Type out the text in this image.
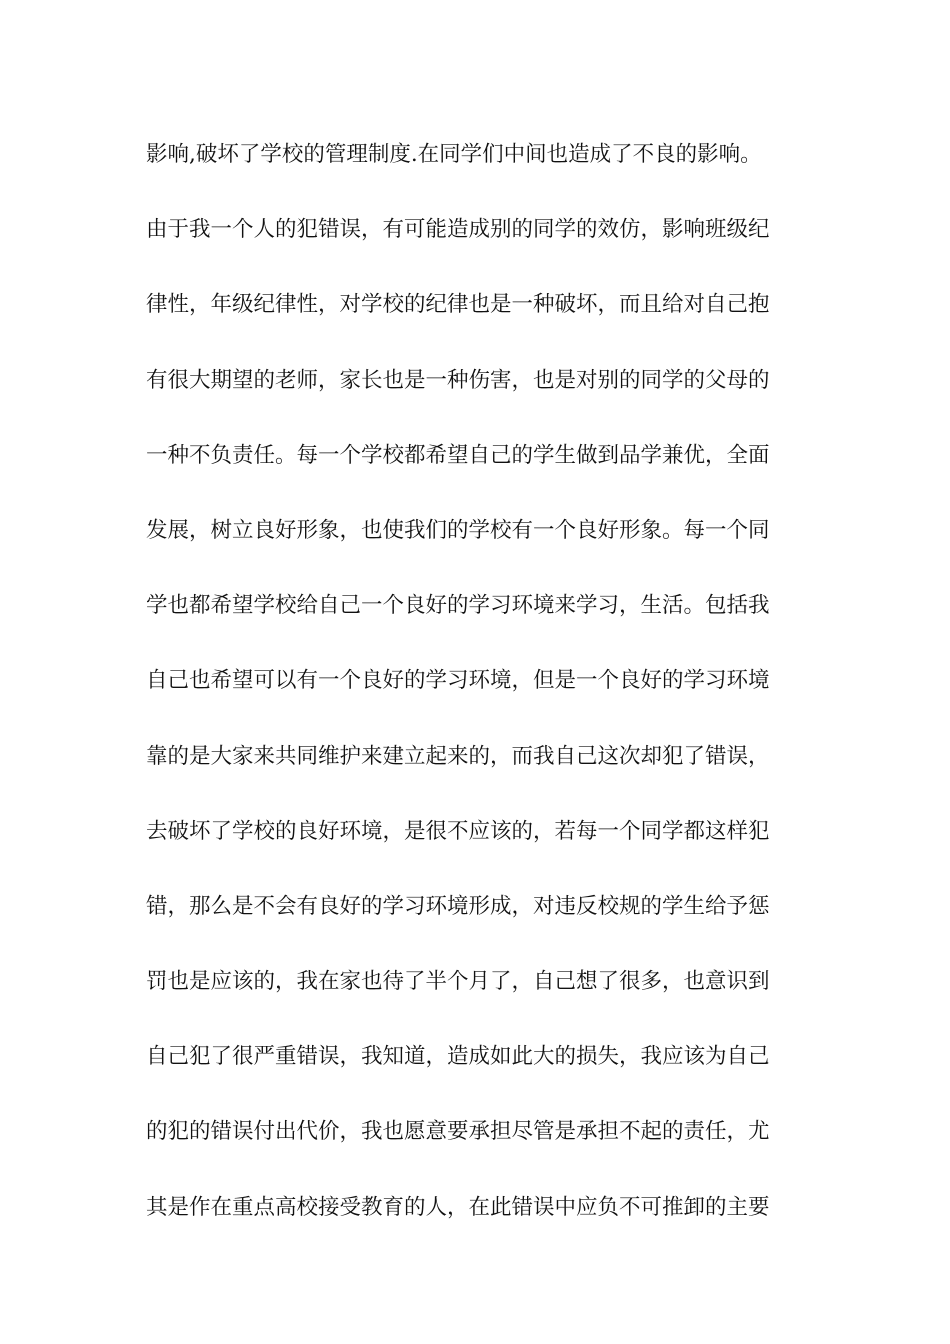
影响,破坏了学校的管理制度.在同学们中间也造成了不良的影响。
由于我一个人的犯错误，有可能造成别的同学的效仿，影响班级纪
律性，年级纪律性，对学校的纪律也是一种破坏，而且给对自己抱
有很大期望的老师，家长也是一种伤害，也是对别的同学的父母的
一种不负责任。每一个学校都希望自己的学生做到品学兼优，全面
发展，树立良好形象，也使我们的学校有一个良好形象。每一个同
学也都希望学校给自己一个良好的学习环境来学习，生活。包括我
自己也希望可以有一个良好的学习环境，但是一个良好的学习环境
靠的是大家来共同维护来建立起来的，而我自己这次却犯了错误，
去破坏了学校的良好环境，是很不应该的，若每一个同学都这样犯
错，那么是不会有良好的学习环境形成，对违反校规的学生给予惩
罚也是应该的，我在家也待了半个月了，自己想了很多，也意识到
自己犯了很严重错误，我知道，造成如此大的损失，我应该为自己
的犯的错误付出代价，我也愿意要承担尽管是承担不起的责任，尤
其是作在重点高校接受教育的人，在此错误中应负不可推卸的主要
